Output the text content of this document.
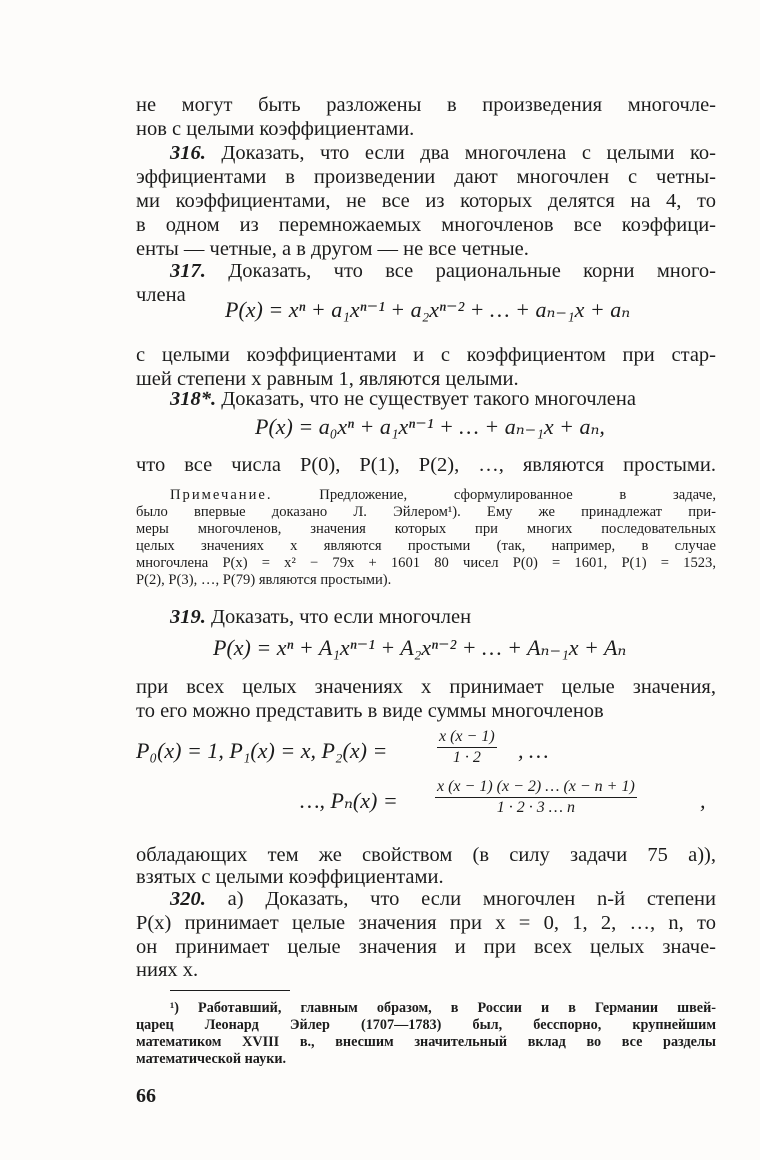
не могут быть разложены в произведения многочле-
нов с целыми коэффициентами.
316. Доказать, что если два многочлена с целыми ко-
эффициентами в произведении дают многочлен с четны-
ми коэффициентами, не все из которых делятся на 4, то
в одном из перемножаемых многочленов все коэффици-
енты — четные, а в другом — не все четные.
317. Доказать, что все рациональные корни много-
члена
P(x) = xⁿ + a₁xⁿ⁻¹ + a₂xⁿ⁻² + … + aₙ₋₁x + aₙ
с целыми коэффициентами и с коэффициентом при стар-
шей степени x равным 1, являются целыми.
318*. Доказать, что не существует такого многочлена
P(x) = a₀xⁿ + a₁xⁿ⁻¹ + … + aₙ₋₁x + aₙ,
что все числа P(0), P(1), P(2), …, являются простыми.
Примечание.	Предложение, сформулированное в задаче,
было впервые доказано Л. Эйлером¹). Ему же принадлежат при-
меры многочленов, значения которых при многих последовательных
целых значениях x являются простыми (так, например, в случае
многочлена P(x) = x² − 79x + 1601 80 чисел P(0) = 1601, P(1) = 1523,
P(2), P(3), …, P(79) являются простыми).
319. Доказать, что если многочлен
P(x) = xⁿ + A₁xⁿ⁻¹ + A₂xⁿ⁻² + … + Aₙ₋₁x + Aₙ
при всех целых значениях x принимает целые значения,
то его можно представить в виде суммы многочленов
P₀(x) = 1, P₁(x) = x, P₂(x) =	$\frac{x (x - 1)}{1 \cdot 2}$ , …
…, $P_n(x) = \frac{x (x - 1) (x - 2) \dots (x - n + 1)}{1 \cdot 2 \cdot 3 \dots n}$	,
обладающих тем же свойством (в силу задачи 75 а)),
взятых с целыми коэффициентами.
320. а) Доказать, что если многочлен n-й степени
P(x) принимает целые значения при x = 0, 1, 2, …, n, то
он принимает целые значения и при всех целых значе-
ниях x.
¹) Работавший, главным образом, в России и в Германии швей-
царец Леонард Эйлер (1707—1783) был, бесспорно, крупнейшим
математиком XVIII в., внесшим значительный вклад во все разделы
математической науки.
66
